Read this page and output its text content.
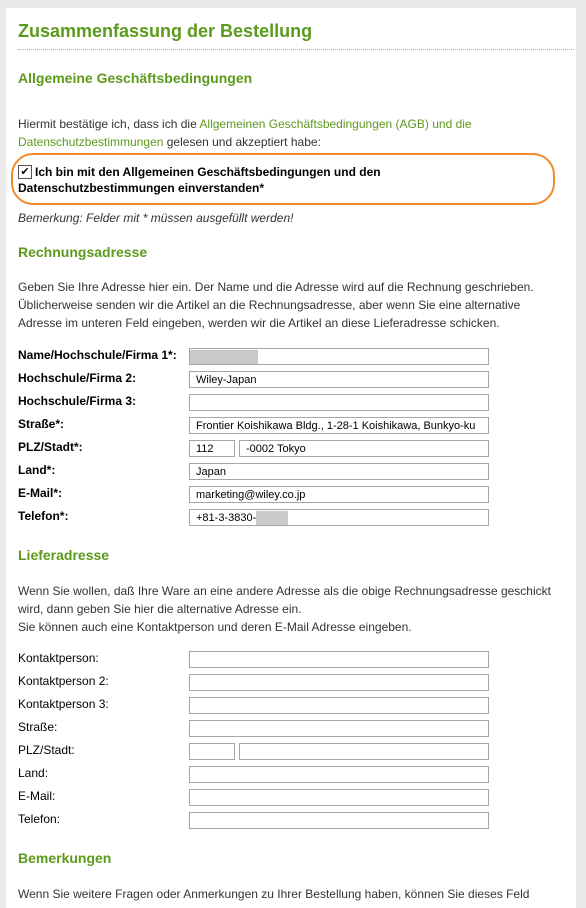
Zusammenfassung der Bestellung
Allgemeine Geschäftsbedingungen

Hiermit bestätige ich, dass ich die Allgemeinen Geschäftsbedingungen (AGB) und die Datenschutzbestimmungen gelesen und akzeptiert habe:

✔ Ich bin mit den Allgemeinen Geschäftsbedingungen und den Datenschutzbestimmungen einverstanden*
Bemerkung: Felder mit * müssen ausgefüllt werden!
Rechnungsadresse

Geben Sie Ihre Adresse hier ein. Der Name und die Adresse wird auf die Rechnung geschrieben. Üblicherweise senden wir die Artikel an die Rechnungsadresse, aber wenn Sie eine alternative Adresse im unteren Feld eingeben, werden wir die Artikel an diese Lieferadresse schicken.

Name/Hochschule/Firma 1*:
Hochschule/Firma 2:	Wiley-Japan
Hochschule/Firma 3:
Straße*:	Frontier Koishikawa Bldg., 1-28-1 Koishikawa, Bunkyo-ku
PLZ/Stadt*:	112	-0002 Tokyo
Land*:	Japan
E-Mail*:	marketing@wiley.co.jp
Telefon*:	+81-3-3830-
Lieferadresse

Wenn Sie wollen, daß Ihre Ware an eine andere Adresse als die obige Rechnungsadresse geschickt wird, dann geben Sie hier die alternative Adresse ein.

Sie können auch eine Kontaktperson und deren E-Mail Adresse eingeben.

Kontaktperson:
Kontaktperson 2:
Kontaktperson 3:
Straße:
PLZ/Stadt:
Land:
E-Mail:
Telefon:
Bemerkungen

Wenn Sie weitere Fragen oder Anmerkungen zu Ihrer Bestellung haben, können Sie dieses Feld
